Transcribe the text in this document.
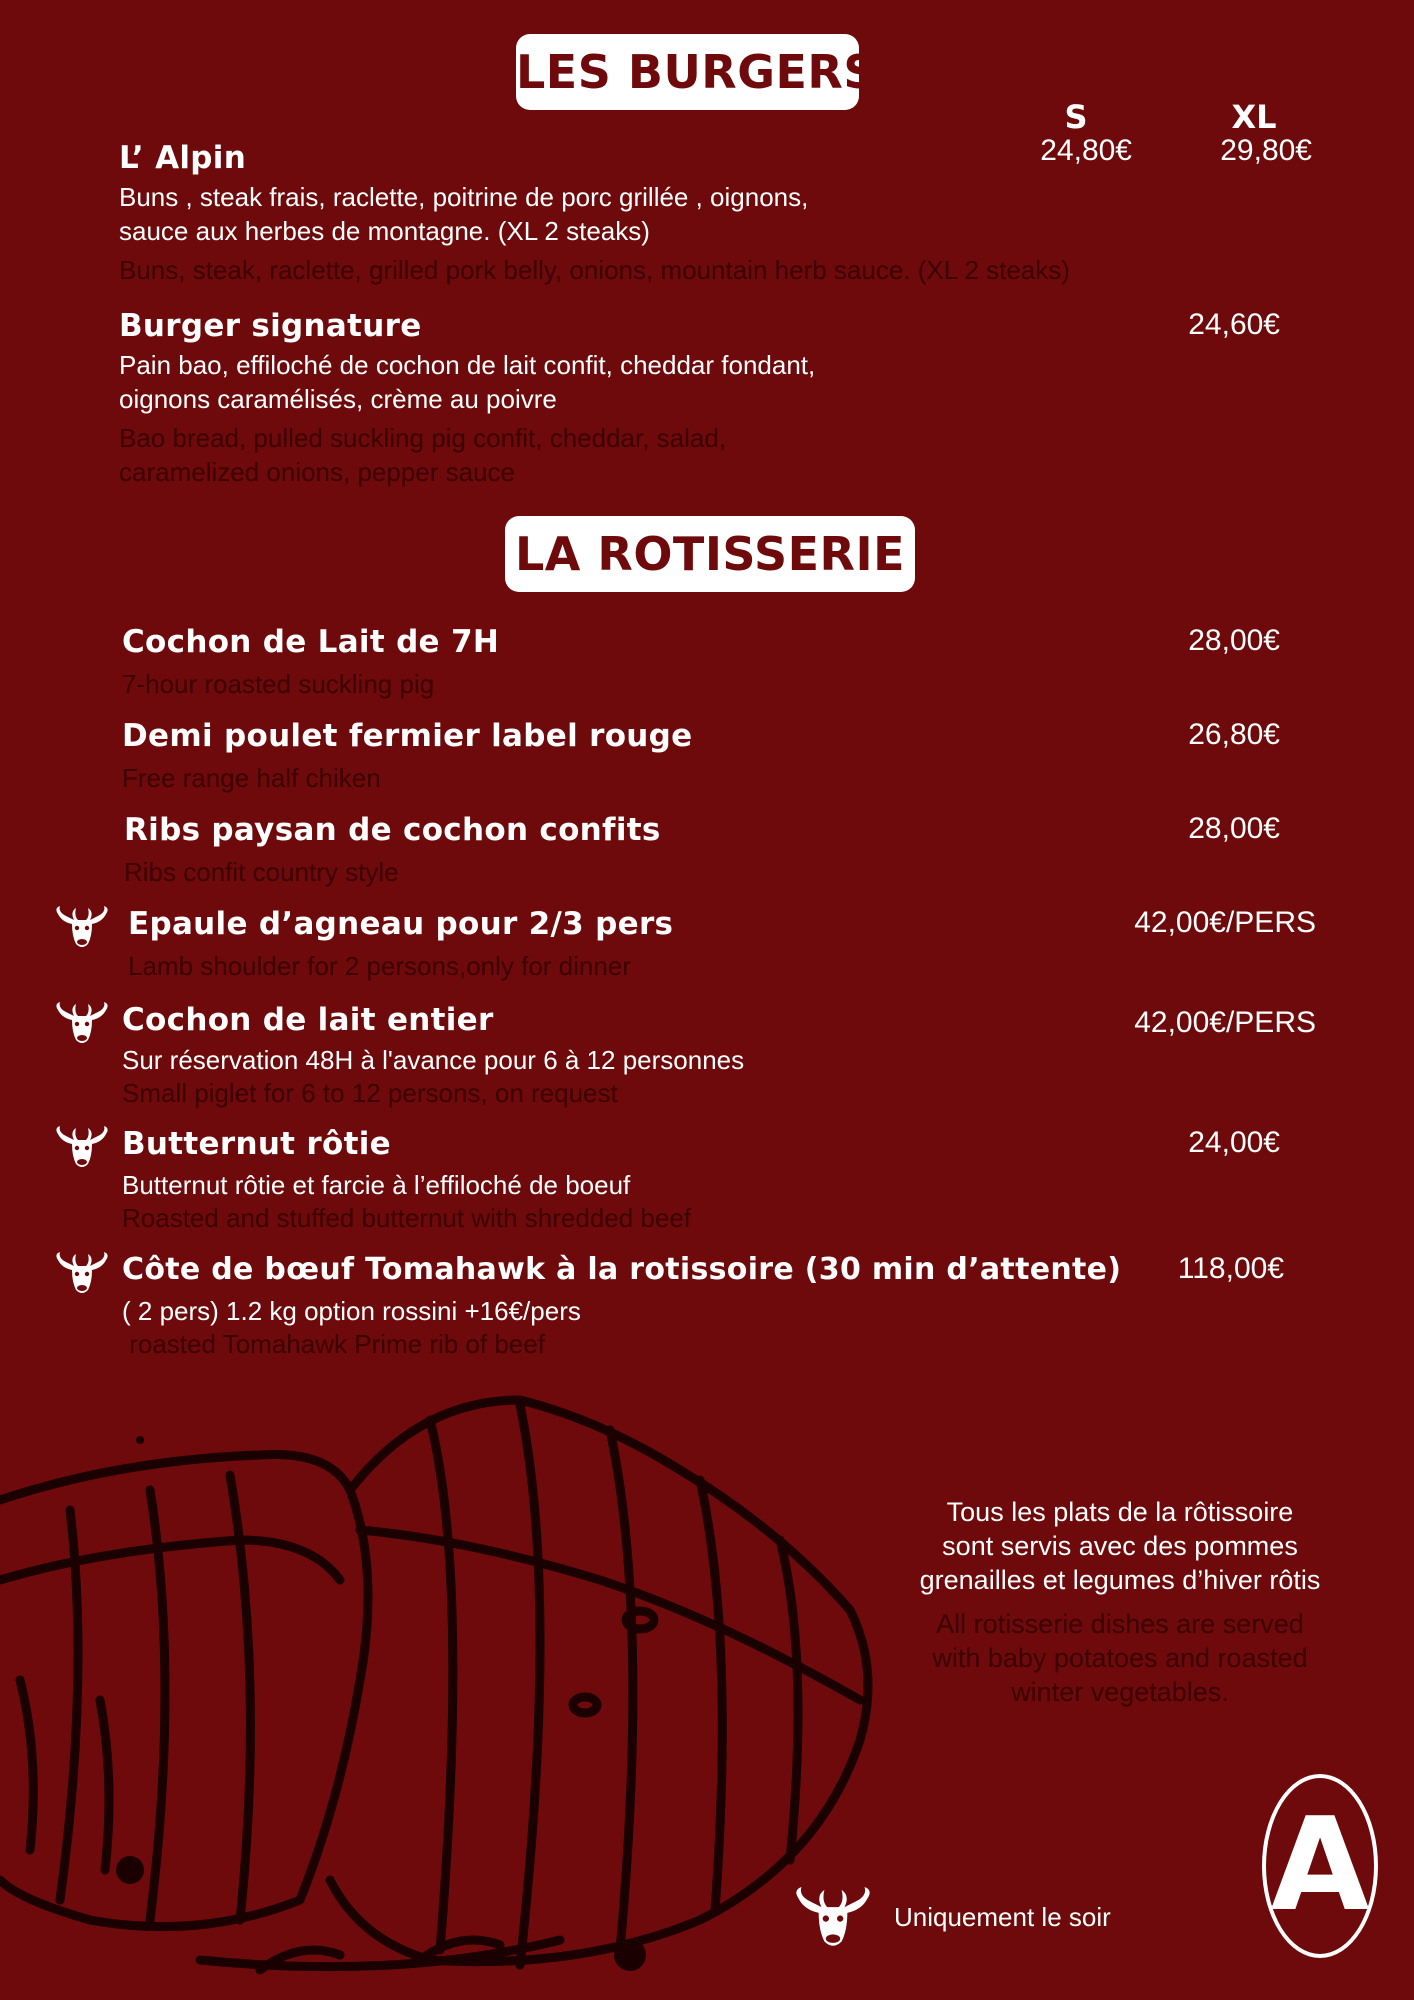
LES BURGERS
S	XL
L’ Alpin	24,80€	29,80€
Buns , steak frais, raclette, poitrine de porc grillée , oignons,
sauce aux herbes de montagne. (XL 2 steaks)
Buns, steak, raclette, grilled pork belly, onions, mountain herb sauce. (XL 2 steaks)
Burger signature	24,60€
Pain bao, effiloché de cochon de lait confit, cheddar fondant,
oignons caramélisés, crème au poivre
Bao bread, pulled suckling pig confit, cheddar, salad,
caramelized onions, pepper sauce
LA ROTISSERIE
Cochon de Lait de 7H	28,00€
7-hour roasted suckling pig
Demi poulet fermier label rouge	26,80€
Free range half chiken
Ribs paysan de cochon confits	28,00€
Ribs confit country style
Epaule d’agneau pour 2/3 pers	42,00€/PERS
Lamb shoulder for 2 persons,only for dinner
Cochon de lait entier	42,00€/PERS
Sur réservation 48H à l'avance pour 6 à 12 personnes
Small piglet for 6 to 12 persons, on request
Butternut rôtie	24,00€
Butternut rôtie et farcie à l’effiloché de boeuf
Roasted and stuffed butternut with shredded beef
Côte de bœuf Tomahawk à la rotissoire (30 min d’attente)	118,00€
( 2 pers) 1.2 kg option rossini +16€/pers
roasted Tomahawk Prime rib of beef
Tous les plats de la rôtissoire
sont servis avec des pommes
grenailles et legumes d’hiver rôtis
All rotisserie dishes are served
with baby potatoes and roasted
winter vegetables.
Uniquement le soir A
